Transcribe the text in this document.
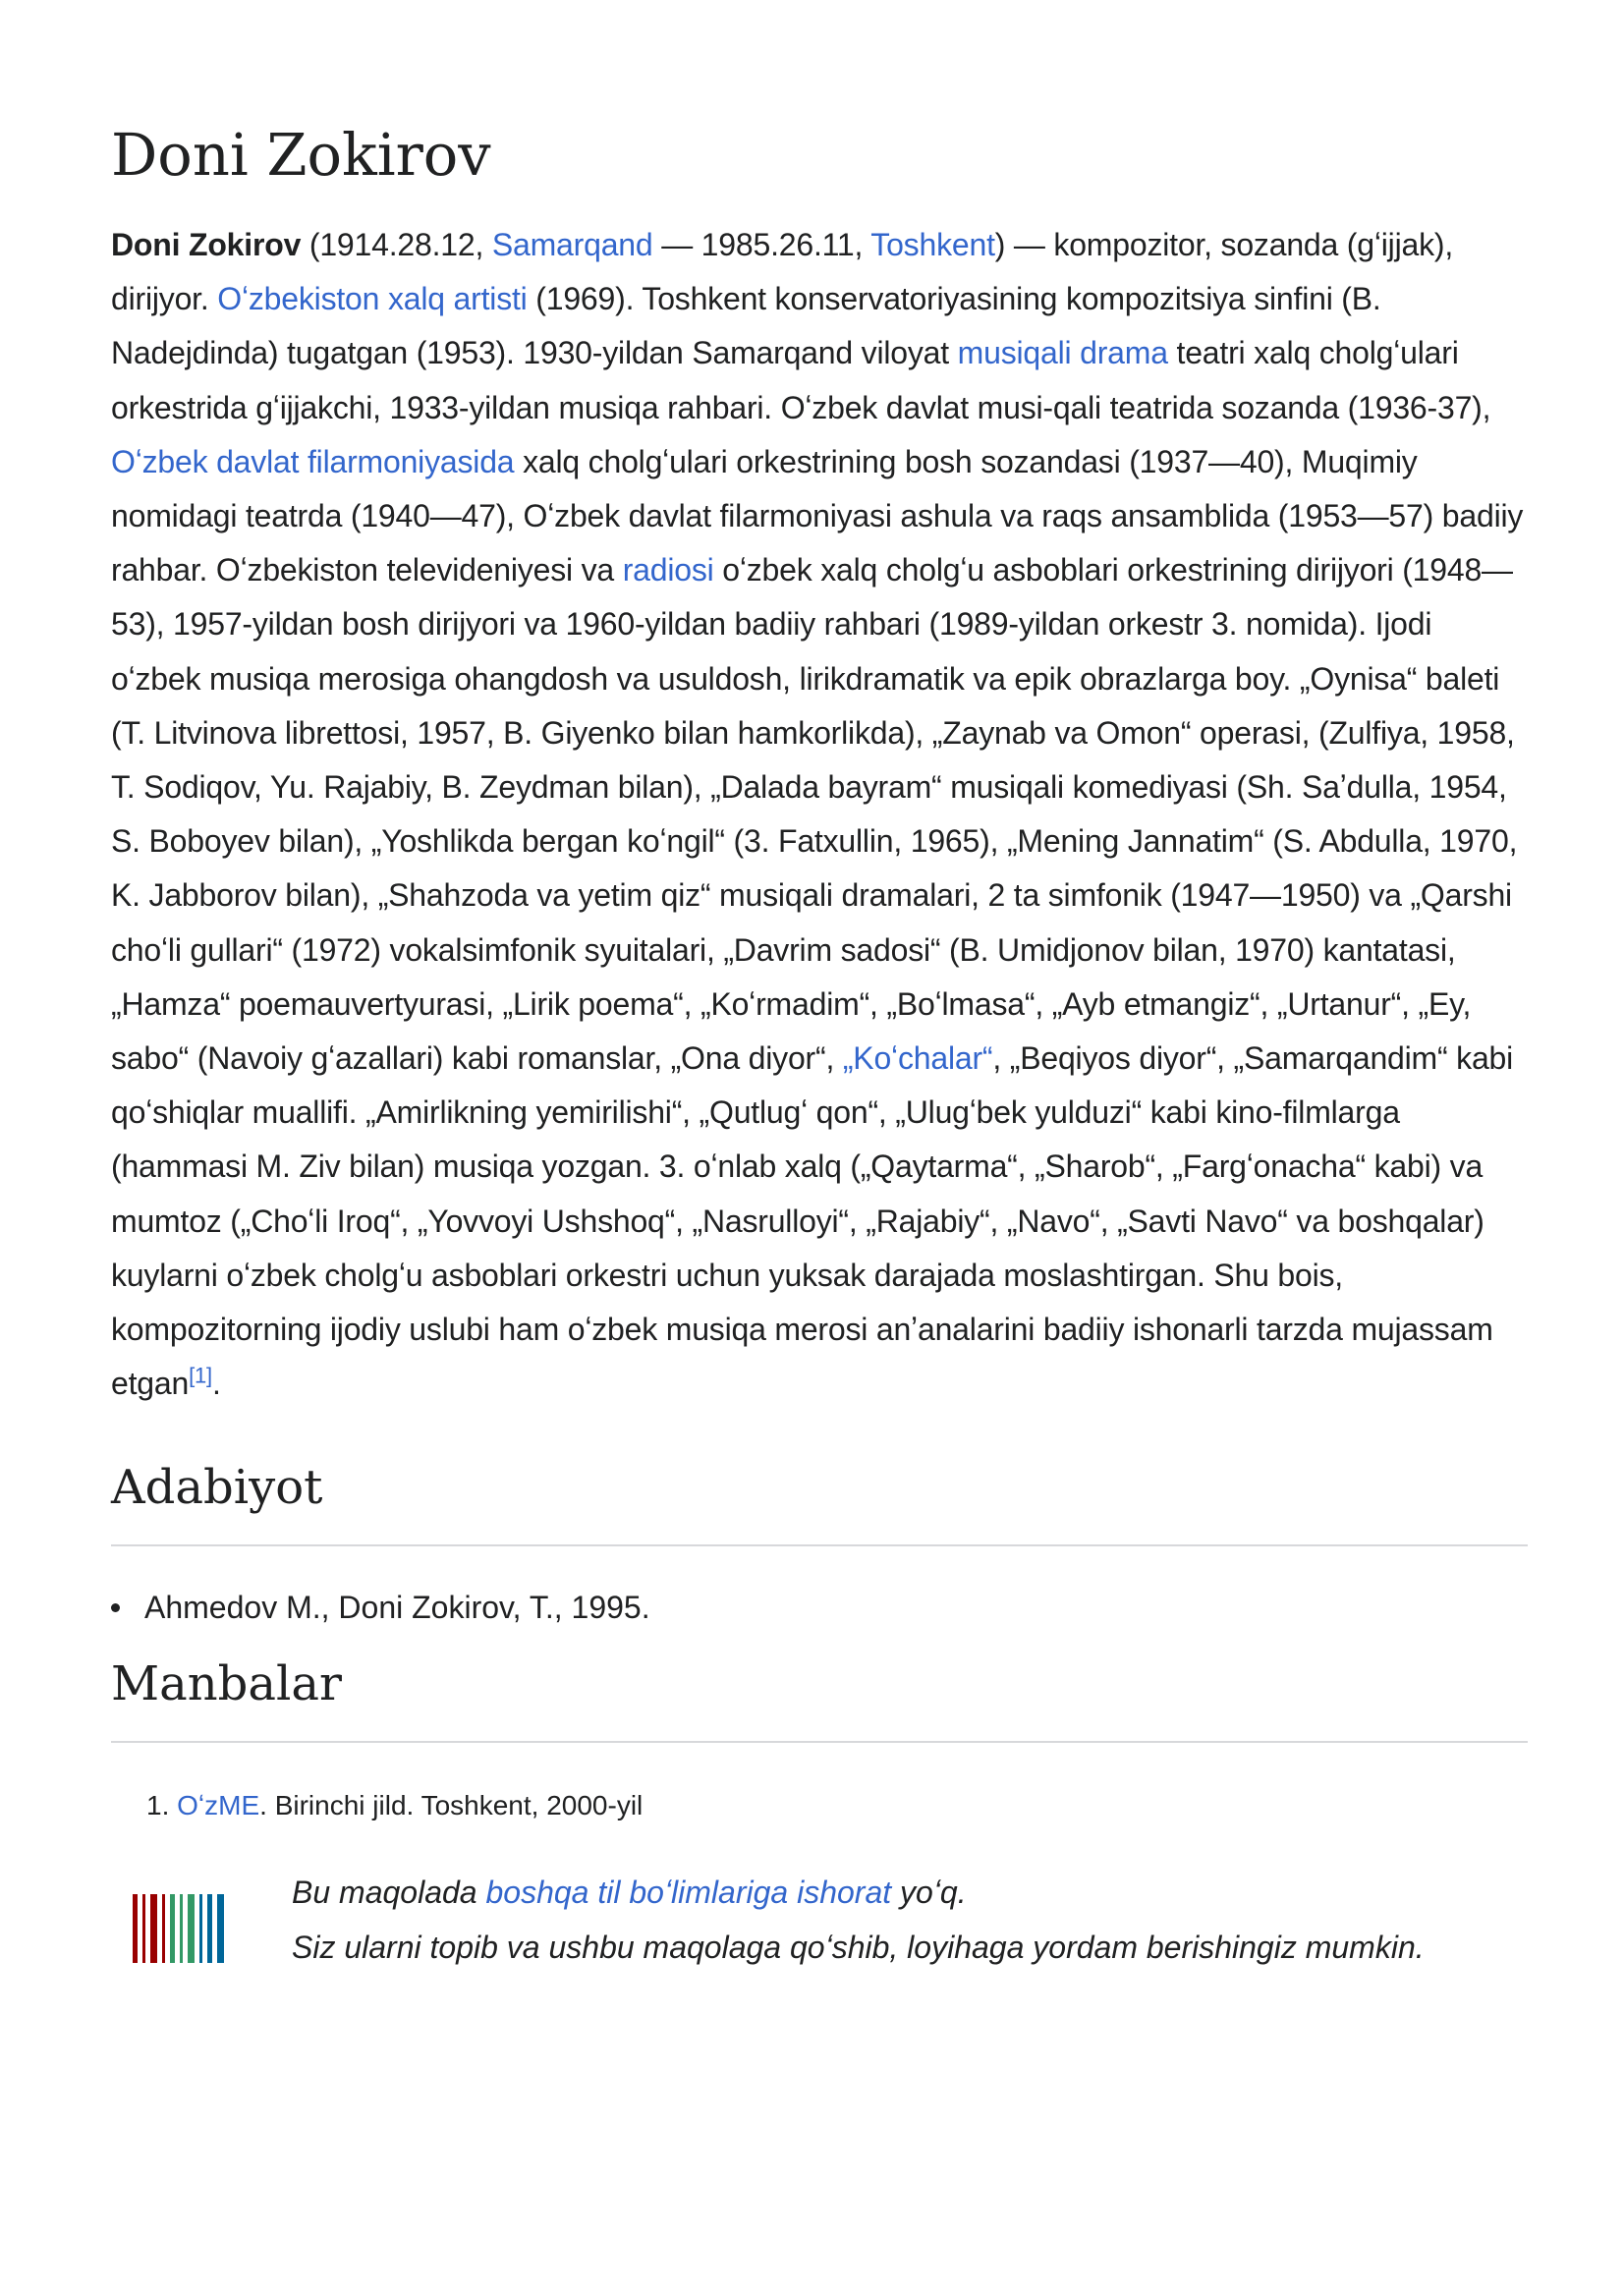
Doni Zokirov

Doni Zokirov (1914.28.12, Samarqand — 1985.26.11, Toshkent) — kompozitor, sozanda (gʻijjak), dirijyor. Oʻzbekiston xalq artisti (1969). Toshkent konservatoriyasining kompozitsiya sinfini (B. Nadejdinda) tugatgan (1953). 1930-yildan Samarqand viloyat musiqali drama teatri xalq cholgʻulari orkestrida gʻijjakchi, 1933-yildan musiqa rahbari. Oʻzbek davlat musi-qali teatrida sozanda (1936-37), Oʻzbek davlat filarmoniyasida xalq cholgʻulari orkestrining bosh sozandasi (1937—40), Muqimiy nomidagi teatrda (1940—47), Oʻzbek davlat filarmoniyasi ashula va raqs ansamblida (1953—57) badiiy rahbar. Oʻzbekiston televideniyesi va radiosi oʻzbek xalq cholgʻu asboblari orkestrining dirijyori (1948—53), 1957-yildan bosh dirijyori va 1960-yildan badiiy rahbari (1989-yildan orkestr 3. nomida). Ijodi oʻzbek musiqa merosiga ohangdosh va usuldosh, lirikdramatik va epik obrazlarga boy. „Oynisa“ baleti (T. Litvinova librettosi, 1957, B. Giyenko bilan hamkorlikda), „Zaynab va Omon“ operasi, (Zulfiya, 1958, T. Sodiqov, Yu. Rajabiy, B. Zeydman bilan), „Dalada bayram“ musiqali komediyasi (Sh. Saʼdulla, 1954, S. Boboyev bilan), „Yoshlikda bergan koʻngil“ (3. Fatxullin, 1965), „Mening Jannatim“ (S. Abdulla, 1970, K. Jabborov bilan), „Shahzoda va yetim qiz“ musiqali dramalari, 2 ta simfonik (1947—1950) va „Qarshi choʻli gullari“ (1972) vokalsimfonik syuitalari, „Davrim sadosi“ (B. Umidjonov bilan, 1970) kantatasi, „Hamza“ poemauvertyurasi, „Lirik poema“, „Koʻrmadim“, „Boʻlmasa“, „Ayb etmangiz“, „Urtanur“, „Ey, sabo“ (Navoiy gʻazallari) kabi romanslar, „Ona diyor“, „Koʻchalar“, „Beqiyos diyor“, „Samarqandim“ kabi qoʻshiqlar muallifi. „Amirlikning yemirilishi“, „Qutlugʻ qon“, „Ulugʻbek yulduzi“ kabi kino-filmlarga (hammasi M. Ziv bilan) musiqa yozgan. 3. oʻnlab xalq („Qaytarma“, „Sharob“, „Fargʻonacha“ kabi) va mumtoz („Choʻli Iroq“, „Yovvoyi Ushshoq“, „Nasrulloyi“, „Rajabiy“, „Navo“, „Savti Navo“ va boshqalar) kuylarni oʻzbek cholgʻu asboblari orkestri uchun yuksak darajada moslashtirgan. Shu bois, kompozitorning ijodiy uslubi ham oʻzbek musiqa merosi anʼanalarini badiiy ishonarli tarzda mujassam etgan[1].

Adabiyot
Ahmedov M., Doni Zokirov, T., 1995.
Manbalar
1. OʻzME. Birinchi jild. Toshkent, 2000-yil
Bu maqolada boshqa til boʻlimlariga ishorat yoʻq.
Siz ularni topib va ushbu maqolaga qoʻshib, loyihaga yordam berishingiz mumkin.
